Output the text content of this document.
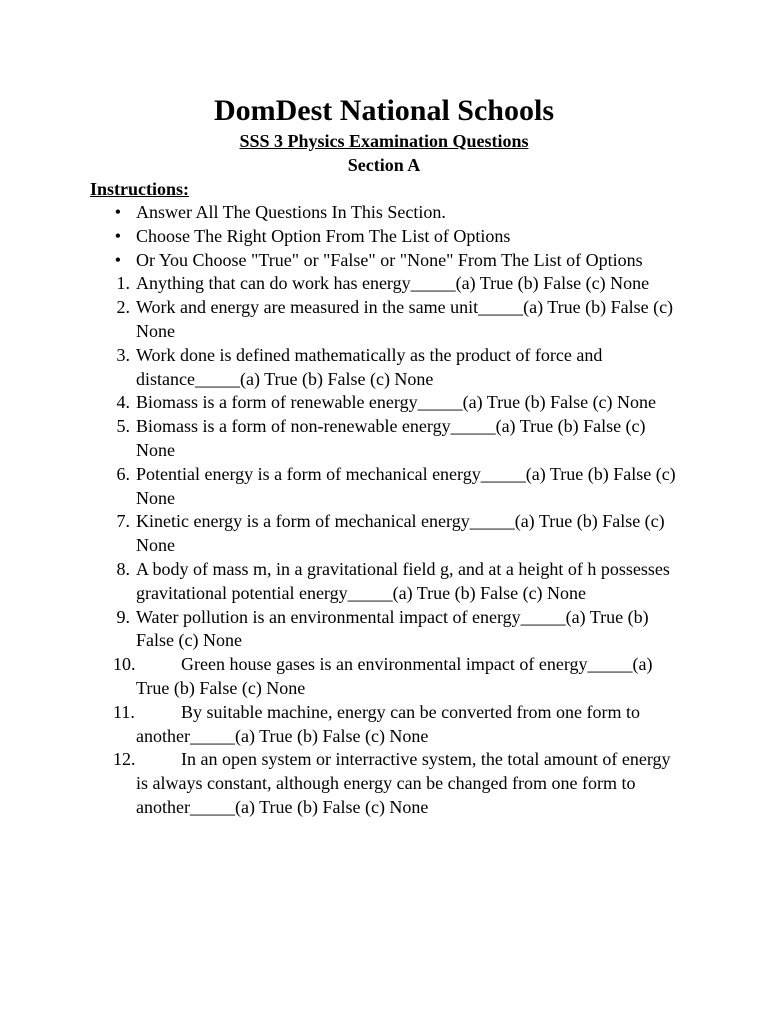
DomDest National Schools

SSS 3 Physics Examination Questions

Section A

Instructions:

• Answer All The Questions In This Section.
• Choose The Right Option From The List of Options
• Or You Choose "True" or "False" or "None" From The List of Options
1. Anything that can do work has energy_____(a) True (b) False (c) None
2. Work and energy are measured in the same unit_____(a) True (b) False (c) None
3. Work done is defined mathematically as the product of force and distance_____(a) True (b) False (c) None
4. Biomass is a form of renewable energy_____(a) True (b) False (c) None
5. Biomass is a form of non-renewable energy_____(a) True (b) False (c) None
6. Potential energy is a form of mechanical energy_____(a) True (b) False (c) None
7. Kinetic energy is a form of mechanical energy_____(a) True (b) False (c) None
8. A body of mass m, in a gravitational field g, and at a height of h possesses gravitational potential energy_____(a) True (b) False (c) None
9. Water pollution is an environmental impact of energy_____(a) True (b) False (c) None
10.	Green house gases is an environmental impact of energy_____(a) True (b) False (c) None
11.	By suitable machine, energy can be converted from one form to another_____(a) True (b) False (c) None
12.	In an open system or interractive system, the total amount of energy is always constant, although energy can be changed from one form to another_____(a) True (b) False (c) None
